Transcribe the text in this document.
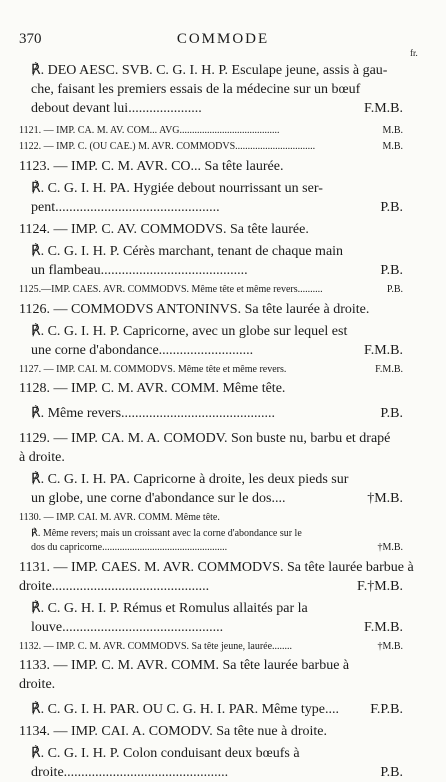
370	COMMODE
fr.
℟. DEO AESC. SVB. C. G. I. H. P. Esculape jeune, assis à gau-
che, faisant les premiers essais de la médecine sur un bœuf
debout devant lui.....................	F.M.B.
1121. — IMP. CA. M. AV. COM... AVG........................................	M.B.
1122. — IMP. C. (OU CAE.) M. AVR. COMMODVS................................	M.B.
1123. — IMP. C. M. AVR. CO... Sa tête laurée.
℟. C. G. I. H. PA. Hygiée debout nourrissant un ser-
pent...............................................	P.B.
1124. — IMP. C. AV. COMMODVS. Sa tête laurée.
℟. C. G. I. H. P. Cérès marchant, tenant de chaque main
un flambeau..........................................	P.B.
1125.—IMP. CAES. AVR. COMMODVS. Même tête et même revers..........	P.B.
1126. — COMMODVS ANTONINVS. Sa tête laurée à droite.
℟. C. G. I. H. P. Capricorne, avec un globe sur lequel est
une corne d'abondance...........................	F.M.B.
1127. — IMP. CAI. M. COMMODVS. Même tête et même revers.	F.M.B.
1128. — IMP. C. M. AVR. COMM. Même tête.
℟. Même revers............................................	P.B.
1129. — IMP. CA. M. A. COMODV. Son buste nu, barbu et drapé
à droite.
℟. C. G. I. H. PA. Capricorne à droite, les deux pieds sur
un globe, une corne d'abondance sur le dos....	†M.B.
1130. — IMP. CAI. M. AVR. COMM. Même tête.
℟. Même revers; mais un croissant avec la corne d'abondance sur le
dos du capricorne..................................................	†M.B.
1131. — IMP. CAES. M. AVR. COMMODVS. Sa tête laurée barbue à
droite.............................................	F.†M.B.
℟. C. G. H. I. P. Rémus et Romulus allaités par la
louve..............................................	F.M.B.
1132. — IMP. C. M. AVR. COMMODVS. Sa tête jeune, laurée........	†M.B.
1133. — IMP. C. M. AVR. COMM. Sa tête laurée barbue à
droite.
℟. C. G. I. H. PAR. OU C. G. H. I. PAR. Même type.... F.P.B.
1134. — IMP. CAI. A. COMODV. Sa tête nue à droite.
℟. C. G. I. H. P. Colon conduisant deux bœufs à
droite...............................................	P.B.
